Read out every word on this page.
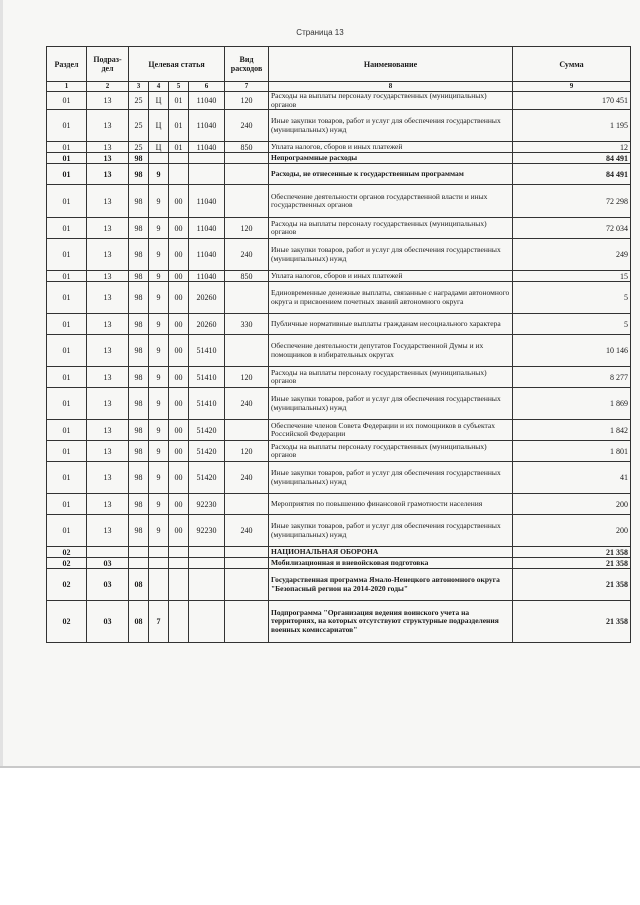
Страница 13
Раздел	Подраз-дел	Целевая статья				Вид расходов	Наименование	Сумма
1	2	3	4	5	6	7	8	9
01	13	25	Ц	01	11040	120	Расходы на выплаты персоналу государственных (муниципальных) органов	170 451
01	13	25	Ц	01	11040	240	Иные закупки товаров, работ и услуг для обеспечения государственных (муниципальных) нужд	1 195
01	13	25	Ц	01	11040	850	Уплата налогов, сборов и иных платежей	12
01	13	98					Непрограммные расходы	84 491
01	13	98	9				Расходы, не отнесенные к государственным программам	84 491
01	13	98	9	00	11040		Обеспечение деятельности органов государственной власти и иных государственных органов	72 298
01	13	98	9	00	11040	120	Расходы на выплаты персоналу государственных (муниципальных) органов	72 034
01	13	98	9	00	11040	240	Иные закупки товаров, работ и услуг для обеспечения государственных (муниципальных) нужд	249
01	13	98	9	00	11040	850	Уплата налогов, сборов и иных платежей	15
01	13	98	9	00	20260		Единовременные денежные выплаты, связанные с наградами автономного округа и присвоением почетных званий автономного округа	5
01	13	98	9	00	20260	330	Публичные нормативные выплаты гражданам несоциального характера	5
01	13	98	9	00	51410		Обеспечение деятельности депутатов Государственной Думы и их помощников в избирательных округах	10 146
01	13	98	9	00	51410	120	Расходы на выплаты персоналу государственных (муниципальных) органов	8 277
01	13	98	9	00	51410	240	Иные закупки товаров, работ и услуг для обеспечения государственных (муниципальных) нужд	1 869
01	13	98	9	00	51420		Обеспечение членов Совета Федерации и их помощников в субъектах Российской Федерации	1 842
01	13	98	9	00	51420	120	Расходы на выплаты персоналу государственных (муниципальных) органов	1 801
01	13	98	9	00	51420	240	Иные закупки товаров, работ и услуг для обеспечения государственных (муниципальных) нужд	41
01	13	98	9	00	92230		Мероприятия по повышению финансовой грамотности населения	200
01	13	98	9	00	92230	240	Иные закупки товаров, работ и услуг для обеспечения государственных (муниципальных) нужд	200
02							НАЦИОНАЛЬНАЯ ОБОРОНА	21 358
02	03						Мобилизационная и вневойсковая подготовка	21 358
02	03	08					Государственная программа Ямало-Ненецкого автономного округа "Безопасный регион на 2014-2020 годы"	21 358
02	03	08	7				Подпрограмма "Организация ведения воинского учета на территориях, на которых отсутствуют структурные подразделения военных комиссариатов"	21 358
